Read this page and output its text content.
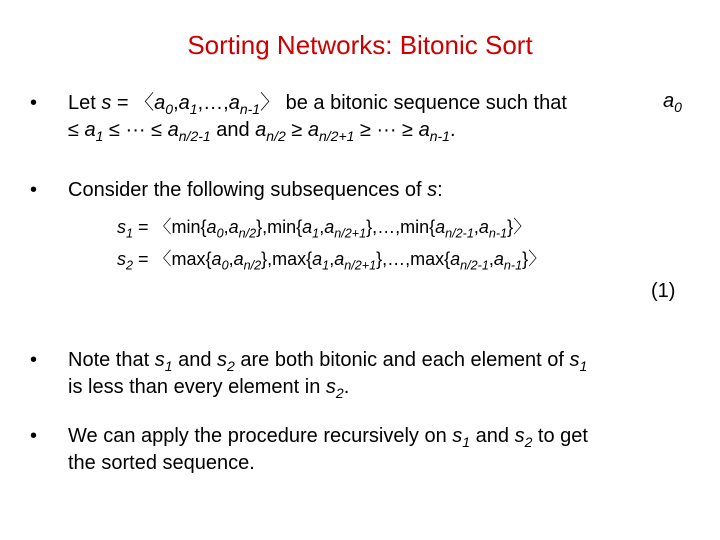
Sorting Networks: Bitonic Sort
•	Let s = 〈$a_0,a_1,\dots,a_{n-1}$〉 be a bitonic sequence such that
≤ $a_1$ ≤ ··· ≤ $a_{n/2-1}$ and $a_{n/2} \ge a_{n/2+1}$ ≥ ··· ≥ $a_{n-1}$.
$a_0$
•	Consider the following subsequences of s:
$s_1$ = 〈$\min\{a_0,a_{n/2}\},\min\{a_1,a_{n/2+1}\},\dots,\min\{a_{n/2-1},a_{n-1}\}$〉
$s_2$ = 〈$\max\{a_0,a_{n/2}\},\max\{a_1,a_{n/2+1}\},\dots,\max\{a_{n/2-1},a_{n-1}\}$〉
(1)
•	Note that $s_1$ and $s_2$ are both bitonic and each element of $s_1$
is less than every element in $s_2$.
•	We can apply the procedure recursively on $s_1$ and $s_2$ to get
the sorted sequence.
